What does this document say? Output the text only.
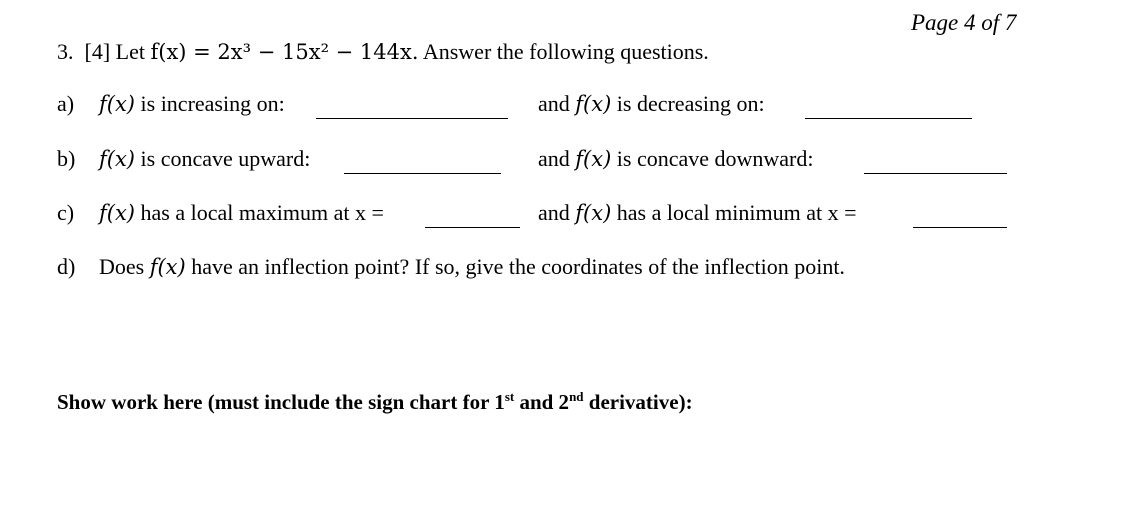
Page 4 of 7
3. [4] Let f(x) = 2x³ − 15x² − 144x. Answer the following questions.
a) f(x) is increasing on:	and f(x) is decreasing on:
b) f(x) is concave upward:	and f(x) is concave downward:
c) f(x) has a local maximum at x =	and f(x) has a local minimum at x =
d) Does f(x) have an inflection point? If so, give the coordinates of the inflection point.
Show work here (must include the sign chart for 1st and 2nd derivative):
